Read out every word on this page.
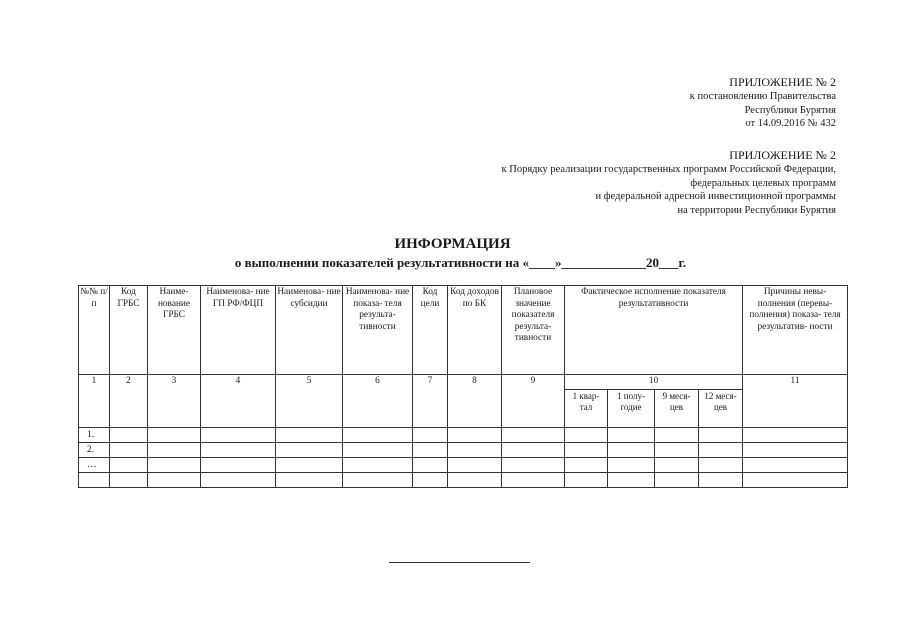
ПРИЛОЖЕНИЕ № 2
к постановлению Правительства
Республики Бурятия
от 14.09.2016 № 432
ПРИЛОЖЕНИЕ № 2
к Порядку реализации государственных программ Российской Федерации,
федеральных целевых программ
и федеральной адресной инвестиционной программы
на территории Республики Бурятия
ИНФОРМАЦИЯ
о выполнении показателей результативности на «____»_____________20___г.
№№ п/п	Код ГРБС	Наиме- нование ГРБС	Наименова- ние ГП РФ/ФЦП	Наименова- ние субсидии	Наименова- ние показа- теля результа- тивности	Код цели	Код доходов по БК	Плановое значение показателя результа- тивности	Фактическое исполнение показателя результативности				Причины невы- полнения (перевы- полнения) показа- теля результатив- ности
1	2	3	4	5	6	7	8	9	10				11
									1 квар- тал	1 полу- годие	9 меся- цев	12 меся- цев	
1.													
2.													
…													
